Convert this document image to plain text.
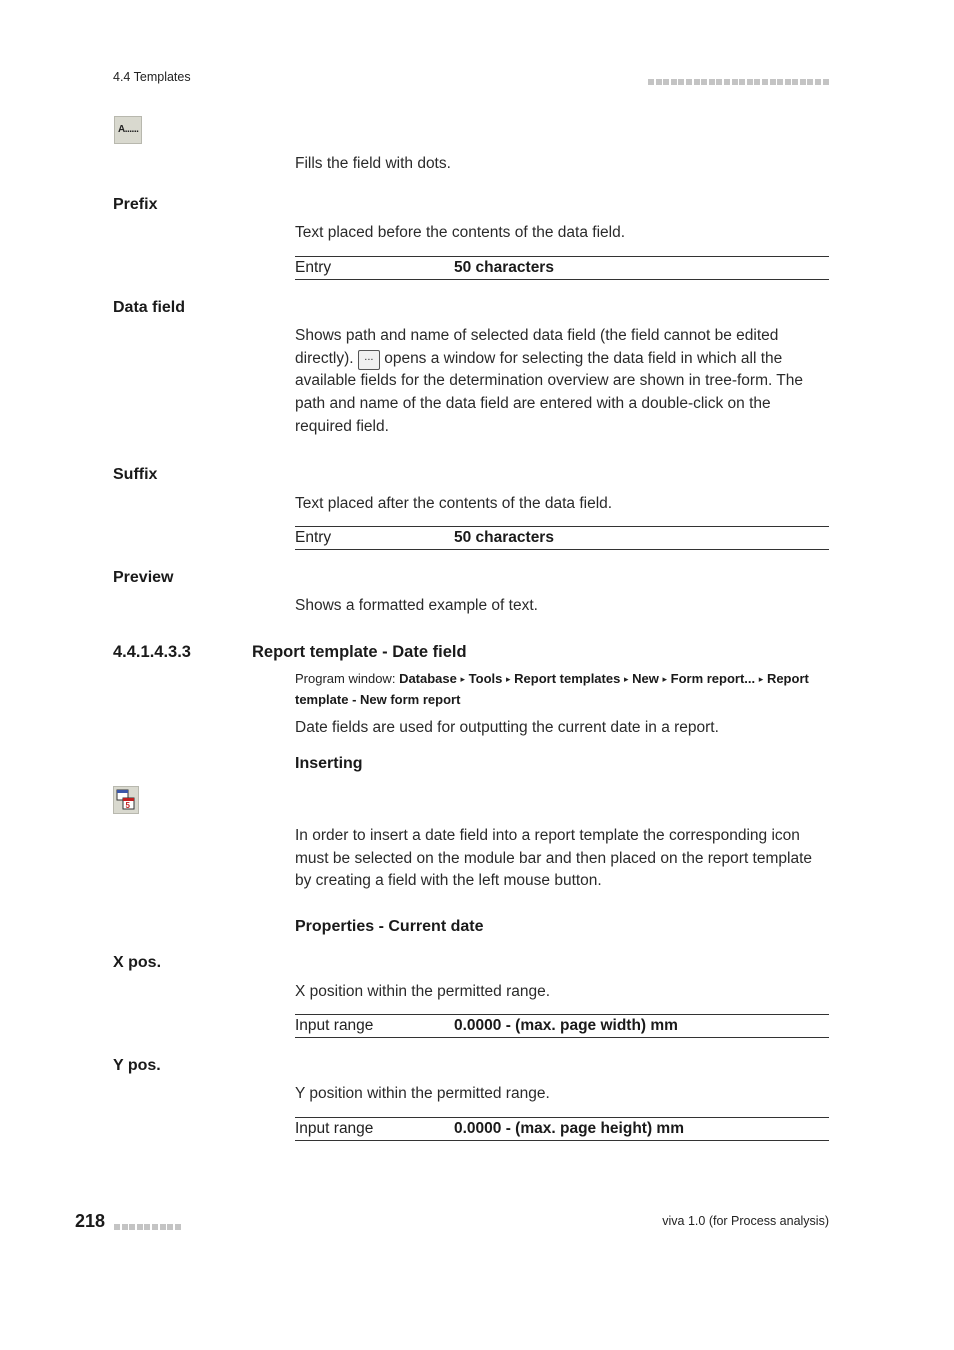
4.4 Templates
A......
Fills the field with dots.
Prefix
Text placed before the contents of the data field.
Entry	50 characters
Data field
Shows path and name of selected data field (the field cannot be edited directly). ... opens a window for selecting the data field in which all the available fields for the determination overview are shown in tree-form. The path and name of the data field are entered with a double-click on the required field.
Suffix
Text placed after the contents of the data field.
Entry	50 characters
Preview
Shows a formatted example of text.
4.4.1.4.3.3	Report template - Date field
Program window: Database ▸ Tools ▸ Report templates ▸ New ▸ Form report... ▸ Report template - New form report
Date fields are used for outputting the current date in a report.
Inserting
5
In order to insert a date field into a report template the corresponding icon must be selected on the module bar and then placed on the report template by creating a field with the left mouse button.
Properties - Current date
X pos.
X position within the permitted range.
Input range	0.0000 - (max. page width) mm
Y pos.
Y position within the permitted range.
Input range	0.0000 - (max. page height) mm
218	viva 1.0 (for Process analysis)
